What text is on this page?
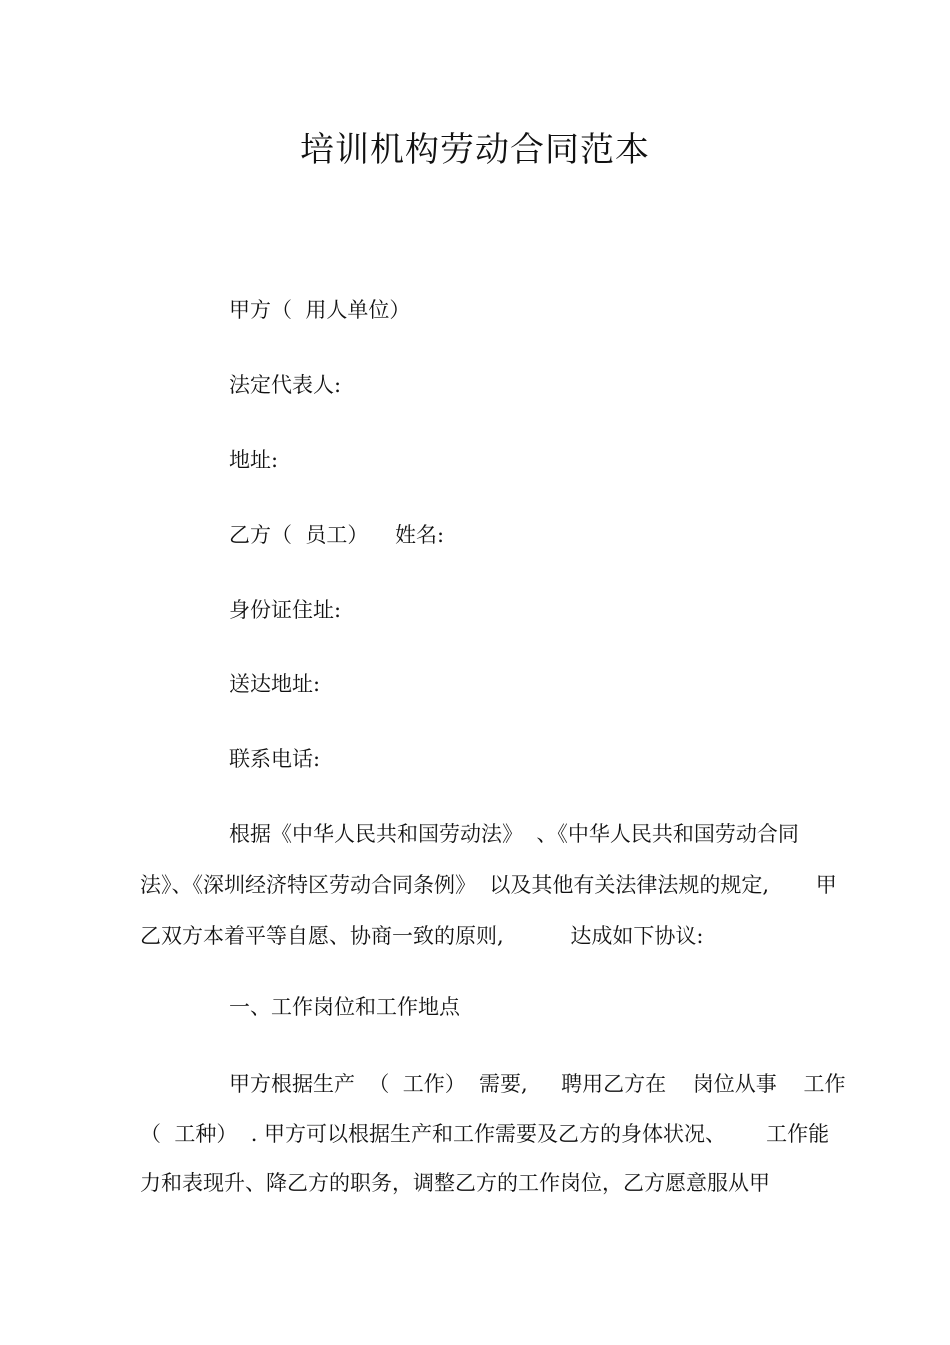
培训机构劳动合同范本
甲方（  用人单位）
法定代表人:
地址:
乙方（  员工）    姓名:
身份证住址:
送达地址:
联系电话:
根据《中华人民共和国劳动法》  、《中华人民共和国劳动合同
法》、《深圳经济特区劳动合同条例》  以及其他有关法律法规的规定,       甲
乙双方本着平等自愿、协商一致的原则,          达成如下协议:
一、工作岗位和工作地点
甲方根据生产  （  工作）  需要,     聘用乙方在    岗位从事    工作
（  工种）  . 甲方可以根据生产和工作需要及乙方的身体状况、      工作能
力和表现升、降乙方的职务，调整乙方的工作岗位，乙方愿意服从甲
